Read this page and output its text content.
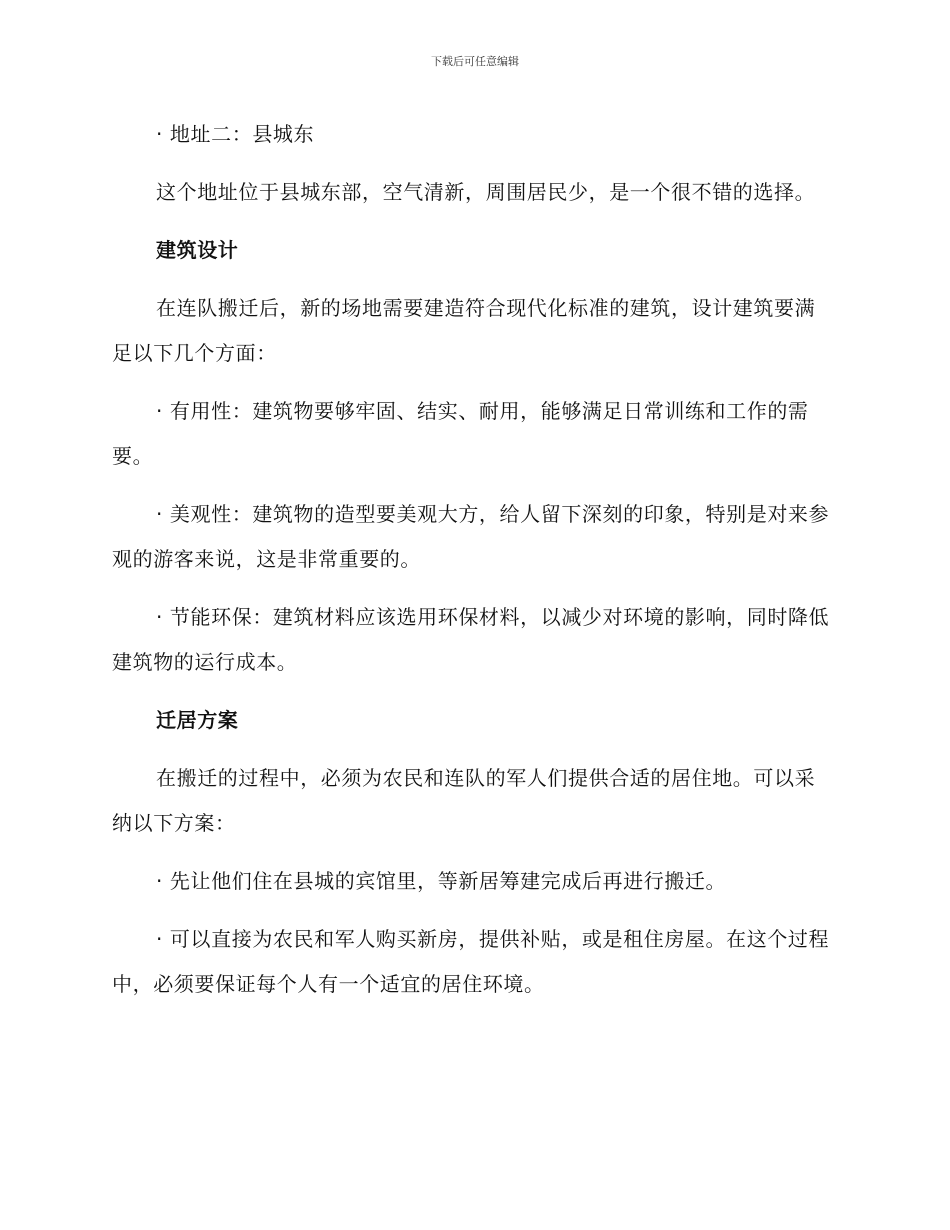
下载后可任意编辑

· 地址二：县城东

这个地址位于县城东部，空气清新，周围居民少，是一个很不错的选择。

建筑设计

在连队搬迁后，新的场地需要建造符合现代化标准的建筑，设计建筑要满足以下几个方面：

· 有用性：建筑物要够牢固、结实、耐用，能够满足日常训练和工作的需要。

· 美观性：建筑物的造型要美观大方，给人留下深刻的印象，特别是对来参观的游客来说，这是非常重要的。

· 节能环保：建筑材料应该选用环保材料，以减少对环境的影响，同时降低建筑物的运行成本。

迁居方案

在搬迁的过程中，必须为农民和连队的军人们提供合适的居住地。可以采纳以下方案：

· 先让他们住在县城的宾馆里，等新居筹建完成后再进行搬迁。

· 可以直接为农民和军人购买新房，提供补贴，或是租住房屋。在这个过程中，必须要保证每个人有一个适宜的居住环境。
